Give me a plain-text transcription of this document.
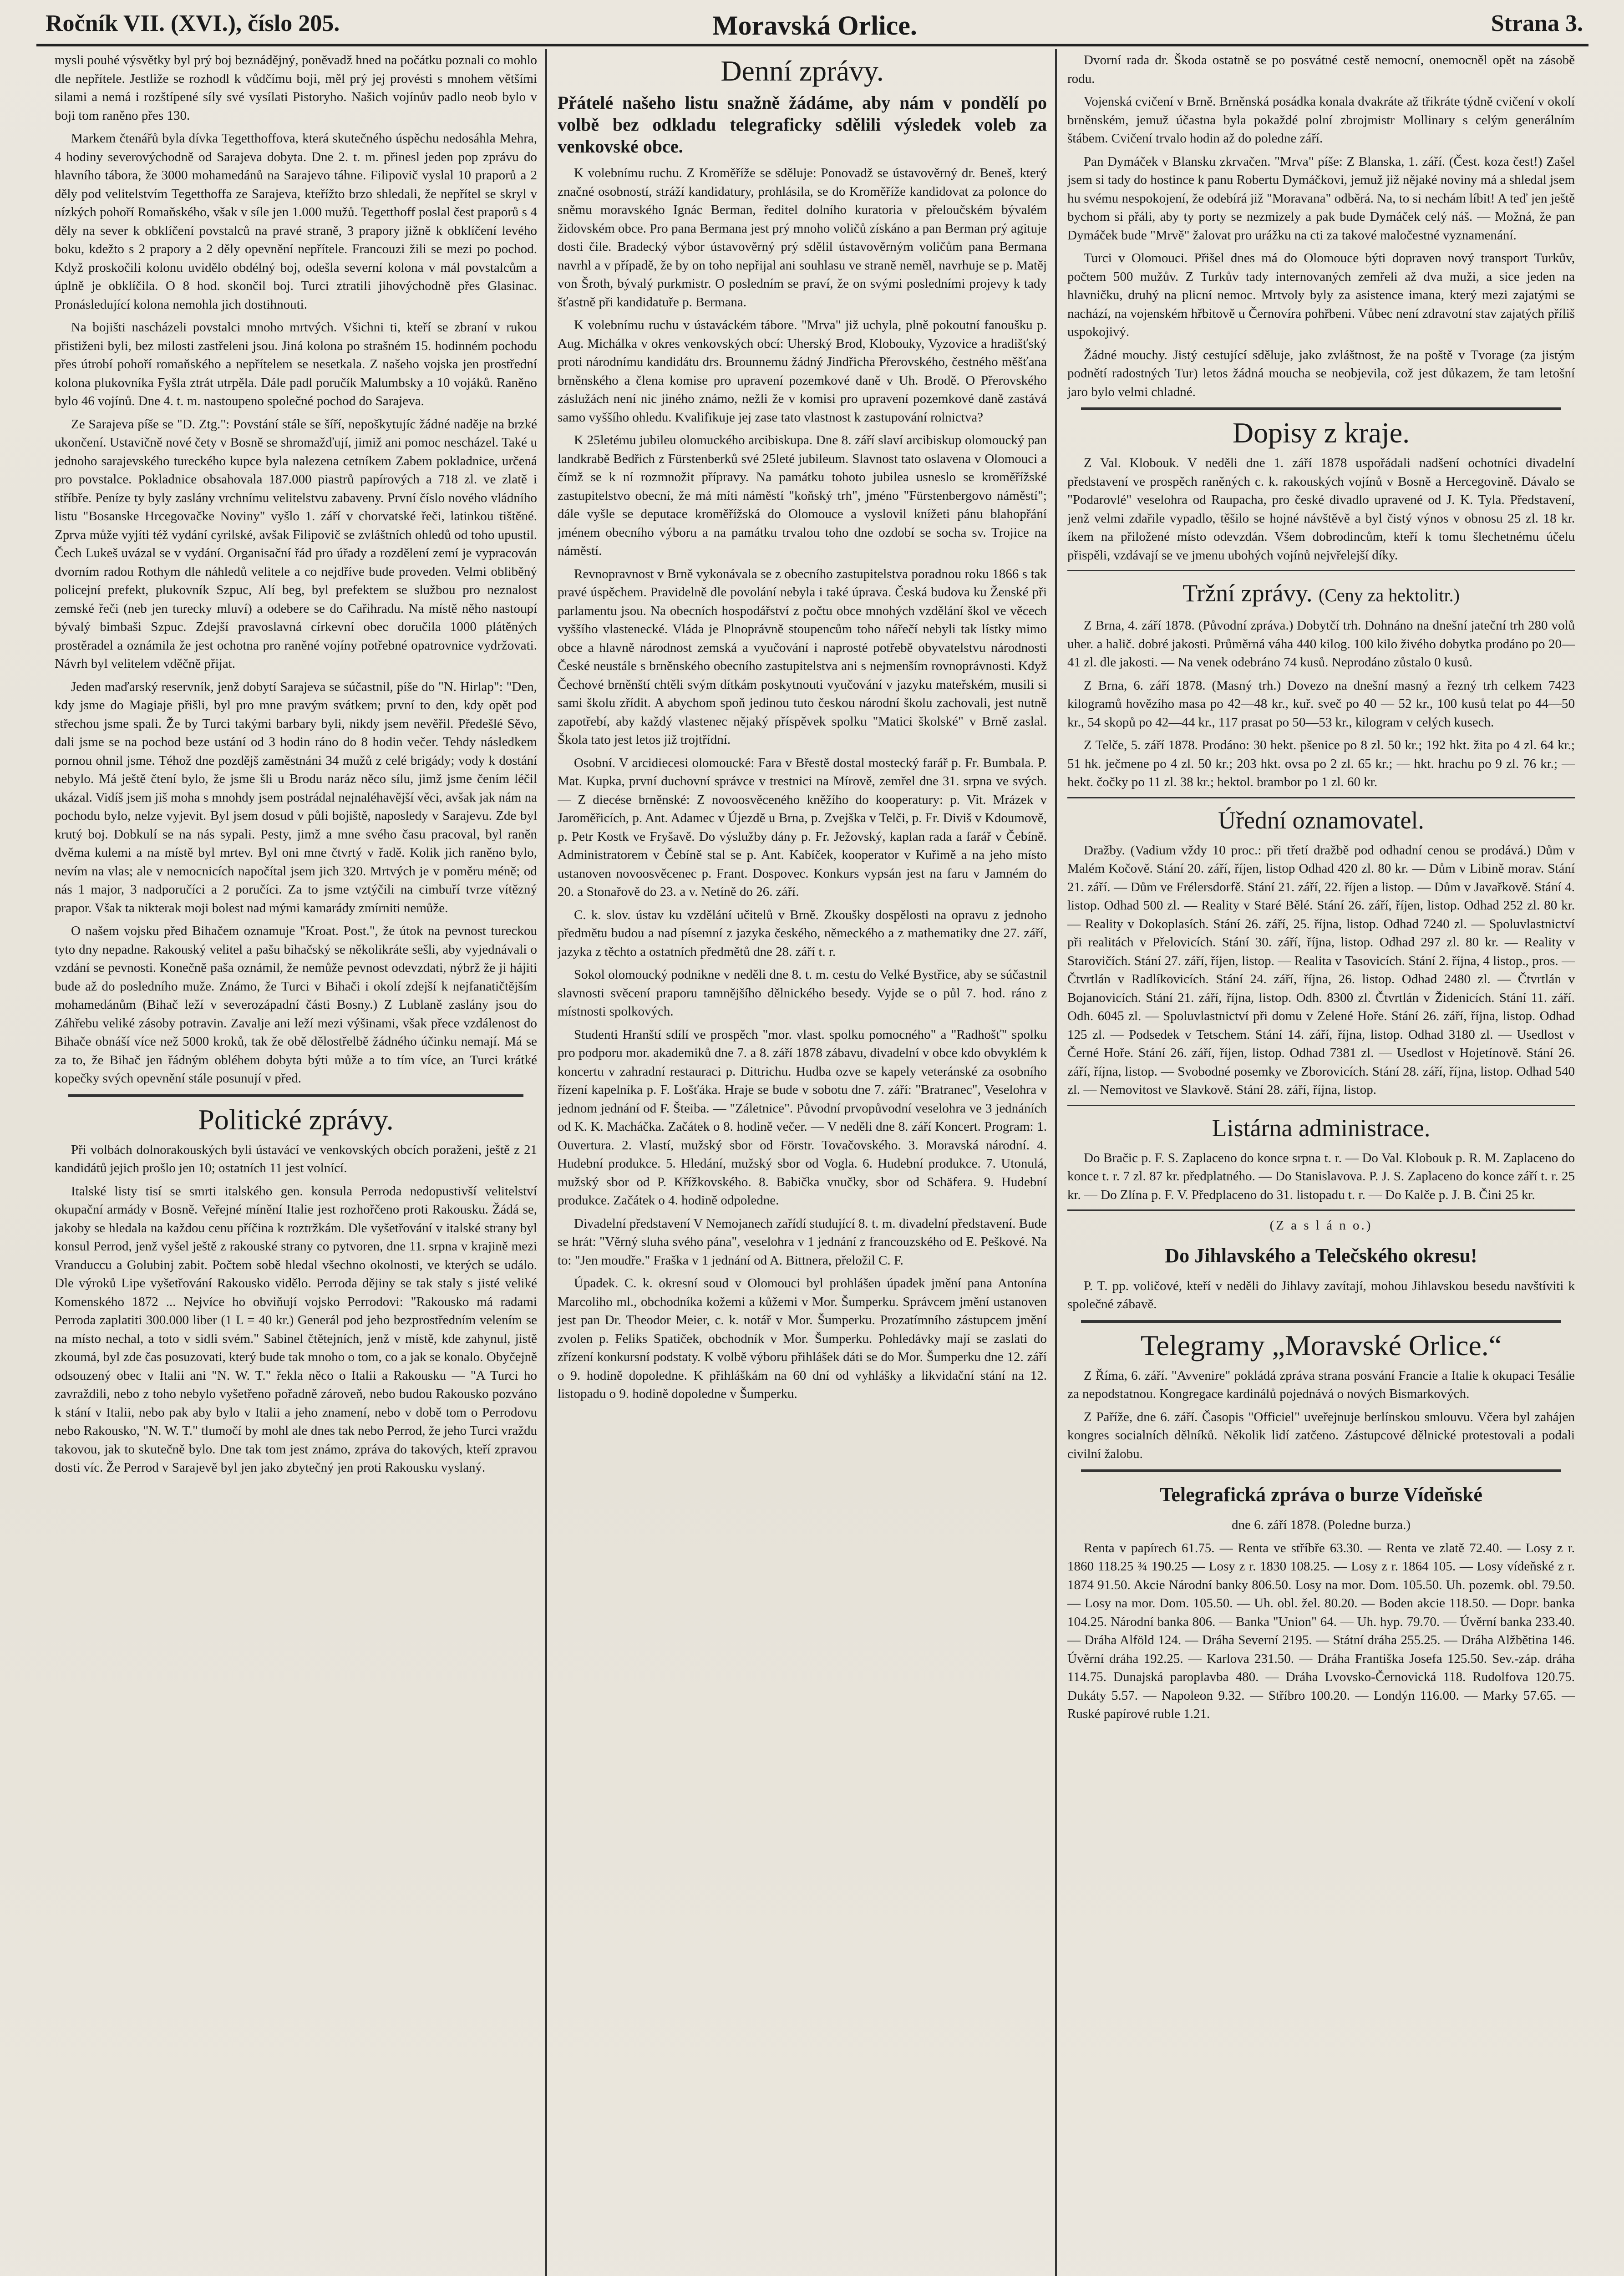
Ročník VII. (XVI.), číslo 205.	Moravská Orlice.	Strana 3.

mysli pouhé výsvětky byl prý boj beznádějný, poněvadž hned na počátku poznali co mohlo dle nepřítele. Jestliže se rozhodl k vůdčímu boji, měl prý jej provésti s mnohem většími silami a nemá i rozštípené síly své vysílati Pistoryho. Našich vojínův padlo neob bylo v boji tom raněno přes 130.

Markem čtenářů byla dívka Tegetthoffova, která skutečného úspěchu nedosáhla Mehra, 4 hodiny severovýchodně od Sarajeva dobyta. Dne 2. t. m. přinesl jeden pop zprávu do hlavního tábora, že 3000 mohamedánů na Sarajevo táhne. Filipovič vyslal 10 praporů a 2 děly pod velitelstvím Tegetthoffa ze Sarajeva, kteřížto brzo shledali, že nepřítel se skryl v nízkých pohoří Romaňského, však v síle jen 1.000 mužů. Tegetthoff poslal čest praporů s 4 děly na sever k obklíčení povstalců na pravé straně, 3 prapory jižně k obklíčení levého boku, kdežto s 2 prapory a 2 děly opevnění nepřítele. Francouzi žili se mezi po pochod. Když proskočili kolonu uvidělo obdélný boj, odešla severní kolona v mál povstalcům a úplně je obklíčila. O 8 hod. skončil boj. Turci ztratili jihovýchodně přes Glasinac. Pronásledující kolona nemohla jich dostihnouti.

Na bojišti nascházeli povstalci mnoho mrtvých. Všichni ti, kteří se zbraní v rukou přistiženi byli, bez milosti zastřeleni jsou. Jiná kolona po strašném 15. hodinném pochodu přes útrobí pohoří romaňského a nepřítelem se nesetkala. Z našeho vojska jen prostřední kolona plukovníka Fyšla ztrát utrpěla. Dále padl poručík Malumbsky a 10 vojáků. Raněno bylo 46 vojínů. Dne 4. t. m. nastoupeno společné pochod do Sarajeva.

Ze Sarajeva píše se "D. Ztg.": Povstání stále se šíří, nepoškytujíc žádné naděje na brzké ukončení. Ustavičně nové čety v Bosně se shromažďují, jimiž ani pomoc nescházel. Také u jednoho sarajevského tureckého kupce byla nalezena cetníkem Zabem pokladnice, určená pro povstalce. Pokladnice obsahovala 187.000 piastrů papírových a 718 zl. ve zlatě i stříbře. Peníze ty byly zaslány vrchnímu velitelstvu zabaveny. První číslo nového vládního listu "Bosanske Hrcegovačke Noviny" vyšlo 1. září v chorvatské řeči, latinkou tištěné. Zprva může vyjíti též vydání cyrilské, avšak Filipovič se zvláštních ohledů od toho upustil. Čech Lukeš uvázal se v vydání. Organisační řád pro úřady a rozdělení zemí je vypracován dvorním radou Rothym dle náhledů velitele a co nejdříve bude proveden. Velmi obliběný policejní prefekt, plukovník Szpuc, Alí beg, byl prefektem se službou pro neznalost zemské řeči (neb jen turecky mluví) a odebere se do Cařihradu. Na místě něho nastoupí bývalý bimbaši Szpuc. Zdejší pravoslavná církevní obec doručila 1000 plátěných prostěradel a oznámila že jest ochotna pro raněné vojíny potřebné opatrovnice vydržovati. Návrh byl velitelem vděčně přijat.

Jeden maďarský reservník, jenž dobytí Sarajeva se súčastnil, píše do "N. Hirlap": "Den, kdy jsme do Magiaje přišli, byl pro mne pravým svátkem; první to den, kdy opět pod střechou jsme spali. Že by Turci takými barbary byli, nikdy jsem nevěřil. Předešlé Sěvo, dali jsme se na pochod beze ustání od 3 hodin ráno do 8 hodin večer. Tehdy následkem pornou ohnil jsme. Téhož dne pozdějš zaměstnáni 34 mužů z celé brigády; vody k dostání nebylo. Má ještě čtení bylo, že jsme šli u Brodu naráz něco sílu, jimž jsme čením léčil ukázal. Vidíš jsem jiš moha s mnohdy jsem postrádal nejnaléhavější věci, avšak jak nám na pochodu bylo, nelze vyjevit. Byl jsem dosud v půli bojiště, naposledy v Sarajevu. Zde byl krutý boj. Dobkulí se na nás sypali. Pesty, jimž a mne svého času pracoval, byl raněn dvěma kulemi a na místě byl mrtev. Byl oni mne čtvrtý v řadě. Kolik jich raněno bylo, nevím na vlas; ale v nemocnicích napočítal jsem jich 320. Mrtvých je v poměru méně; od nás 1 major, 3 nadporučíci a 2 poručíci. Za to jsme vztýčili na cimbuří tvrze vítězný prapor. Však ta nikterak moji bolest nad mými kamarády zmírniti nemůže.

O našem vojsku před Bihačem oznamuje "Kroat. Post.", že útok na pevnost tureckou tyto dny nepadne. Rakouský velitel a pašu bihačský se několikráte sešli, aby vyjednávali o vzdání se pevnosti. Konečně paša oznámil, že nemůže pevnost odevzdati, nýbrž že ji hájiti bude až do posledního muže. Známo, že Turci v Bihači i okolí zdejší k nejfanatičtějším mohamedánům (Bihač leží v severozápadní části Bosny.) Z Lublaně zaslány jsou do Záhřebu veliké zásoby potravin. Zavalje ani leží mezi výšinami, však přece vzdálenost do Bihače obnáší více než 5000 kroků, tak že obě dělostřelbě žádného účinku nemají. Má se za to, že Bihač jen řádným obléhem dobyta býti může a to tím více, an Turci krátké kopečky svých opevnění stále posunují v před.

Politické zprávy.

Při volbách dolnorakouských byli ústavácí ve venkovských obcích poraženi, ještě z 21 kandidátů jejich prošlo jen 10; ostatních 11 jest volnící.

Italské listy tisí se smrti italského gen. konsula Perroda nedopustivší velitelství okupační armády v Bosně. Veřejné mínění Italie jest rozhořčeno proti Rakousku. Žádá se, jakoby se hledala na každou cenu příčina k roztržkám. Dle vyšetřování v italské strany byl konsul Perrod, jenž vyšel ještě z rakouské strany co pytvoren, dne 11. srpna v krajině mezi Vranduccu a Golubinj zabit. Počtem sobě hledal všechno okolnosti, ve kterých se událo. Dle výroků Lipe vyšetřování Rakousko vidělo. Perroda dějiny se tak staly s jisté veliké Komenského 1872 ... Nejvíce ho obviňují vojsko Perrodovi: "Rakousko má radami Perroda zaplatiti 300.000 liber (1 L = 40 kr.) Generál pod jeho bezprostředním velením se na místo nechal, a toto v sidli svém." Sabinel čtětejních, jenž v místě, kde zahynul, jistě zkoumá, byl zde čas posuzovati, který bude tak mnoho o tom, co a jak se konalo. Obyčejně odsouzený obec v Italii ani "N. W. T." řekla něco o Italii a Rakousku — "A Turci ho zavraždili, nebo z toho nebylo vyšetřeno pořadně zároveň, nebo budou Rakousko pozváno k stání v Italii, nebo pak aby bylo v Italii a jeho znamení, nebo v době tom o Perrodovu nebo Rakousko, "N. W. T." tlumočí by mohl ale dnes tak nebo Perrod, že jeho Turci vraždu takovou, jak to skutečně bylo. Dne tak tom jest známo, zpráva do takových, kteří zpravou dosti víc. Že Perrod v Sarajevě byl jen jako zbytečný jen proti Rakousku vyslaný.

Denní zprávy.

Přátelé našeho listu snažně žádáme, aby nám v pondělí po volbě bez odkladu telegraficky sdělili výsledek voleb za venkovské obce.

K volebnímu ruchu. Z Kroměříže se sděluje: Ponovadž se ústavověrný dr. Beneš, který značné osobností, stráží kandidatury, prohlásila, se do Kroměříže kandidovat za polonce do sněmu moravského Ignác Berman, ředitel dolního kuratoria v přeloučském bývalém židovském obce. Pro pana Bermana jest prý mnoho voličů získáno a pan Berman prý agituje dosti čile. Bradecký výbor ústavověrný prý sdělil ústavověrným voličům pana Bermana navrhl a v případě, že by on toho nepřijal ani souhlasu ve straně neměl, navrhuje se p. Matěj von Šroth, bývalý purkmistr. O posledním se praví, že on svými posledními projevy k tady šťastně při kandidatuře p. Bermana.

K volebnímu ruchu v ústaváckém tábore. "Mrva" již uchyla, plně pokoutní fanoušku p. Aug. Michálka v okres venkovských obcí: Uherský Brod, Klobouky, Vyzovice a hradišťský proti národnímu kandidátu drs. Brounnemu žádný Jindřicha Přerovského, čestného měšťana brněnského a člena komise pro upravení pozemkové daně v Uh. Brodě. O Přerovského záslužách není nic jiného známo, nežli že v komisi pro upravení pozemkové daně zastává samo vyššího ohledu. Kvalifikuje jej zase tato vlastnost k zastupování rolnictva?

K 25letému jubileu olomuckého arcibiskupa. Dne 8. září slaví arcibiskup olomoucký pan landkrabě Bedřich z Fürstenberků své 25leté jubileum. Slavnost tato oslavena v Olomouci a čímž se k ní rozmnožit přípravy. Na památku tohoto jubilea usneslo se kroměřížské zastupitelstvo obecní, že má míti náměstí "koňský trh", jméno "Fürstenbergovo náměstí"; dále vyšle se deputace kroměřížská do Olomouce a vyslovil knížeti pánu blahopřání jménem obecního výboru a na památku trvalou toho dne ozdobí se socha sv. Trojice na náměstí.

Revnopravnost v Brně vykonávala se z obecního zastupitelstva poradnou roku 1866 s tak pravé úspěchem. Pravidelně dle povolání nebyla i také úprava. Česká budova ku Ženské při parlamentu jsou. Na obecních hospodářství z počtu obce mnohých vzdělání škol ve věcech vyššího vlastenecké. Vláda je Plnoprávně stoupencům toho nářečí nebyli tak lístky mimo obce a hlavně národnost zemská a vyučování i naprosté potřebě obyvatelstvu národnosti České neustále s brněnského obecního zastupitelstva ani s nejmenším rovnoprávnosti. Když Čechové brněnští chtěli svým dítkám poskytnouti vyučování v jazyku mateřském, musili si sami školu zřídit. A abychom spoň jedinou tuto českou národní školu zachovali, jest nutně zapotřebí, aby každý vlastenec nějaký příspěvek spolku "Matici školské" v Brně zaslal. Škola tato jest letos již trojtřídní.

Osobní. V arcidiecesi olomoucké: Fara v Břestě dostal mostecký farář p. Fr. Bumbala. P. Mat. Kupka, první duchovní správce v trestnici na Mírově, zemřel dne 31. srpna ve svých. — Z diecése brněnské: Z novoosvěceného kněžího do kooperatury: p. Vit. Mrázek v Jaroměřicích, p. Ant. Adamec v Újezdě u Brna, p. Zvejška v Telči, p. Fr. Diviš v Kdoumově, p. Petr Kostk ve Fryšavě. Do výslužby dány p. Fr. Ježovský, kaplan rada a farář v Čebíně. Administratorem v Čebíně stal se p. Ant. Kabíček, kooperator v Kuřimě a na jeho místo ustanoven novoosvěcenec p. Frant. Dospovec. Konkurs vypsán jest na faru v Jamném do 20. a Stonařově do 23. a v. Netíně do 26. září.

C. k. slov. ústav ku vzdělání učitelů v Brně. Zkoušky dospělosti na opravu z jednoho předmětu budou a nad písemní z jazyka českého, německého a z mathematiky dne 27. září, jazyka z těchto a ostatních předmětů dne 28. září t. r.

Sokol olomoucký podnikne v neděli dne 8. t. m. cestu do Velké Bystřice, aby se súčastnil slavnosti svěcení praporu tamnějšího dělnického besedy. Vyjde se o půl 7. hod. ráno z místnosti spolkových.

Studenti Hranští sdílí ve prospěch "mor. vlast. spolku pomocného" a "Radhošť" spolku pro podporu mor. akademiků dne 7. a 8. září 1878 zábavu, divadelní v obce kdo obvyklém k koncertu v zahradní restauraci p. Dittrichu. Hudba ozve se kapely veteránské za osobního řízení kapelníka p. F. Lošťáka. Hraje se bude v sobotu dne 7. září: "Bratranec", Veselohra v jednom jednání od F. Šteiba. — "Záletnice". Původní prvopůvodní veselohra ve 3 jednáních od K. K. Macháčka. Začátek o 8. hodině večer. — V neděli dne 8. září Koncert. Program: 1. Ouvertura. 2. Vlastí, mužský sbor od Förstr. Tovačovského. 3. Moravská národní. 4. Hudební produkce. 5. Hledání, mužský sbor od Vogla. 6. Hudební produkce. 7. Utonulá, mužský sbor od P. Křížkovského. 8. Babička vnučky, sbor od Schäfera. 9. Hudební produkce. Začátek o 4. hodině odpoledne.

Divadelní představení V Nemojanech zařídí studující 8. t. m. divadelní představení. Bude se hrát: "Věrný sluha svého pána", veselohra v 1 jednání z francouzského od E. Peškové. Na to: "Jen moudře." Fraška v 1 jednání od A. Bittnera, přeložil C. F.

Úpadek. C. k. okresní soud v Olomouci byl prohlášen úpadek jmění pana Antonína Marcoliho ml., obchodníka kožemi a kůžemi v Mor. Šumperku. Správcem jmění ustanoven jest pan Dr. Theodor Meier, c. k. notář v Mor. Šumperku. Prozatímního zástupcem jmění zvolen p. Feliks Spatiček, obchodník v Mor. Šumperku. Pohledávky mají se zaslati do zřízení konkursní podstaty. K volbě výboru přihlášek dáti se do Mor. Šumperku dne 12. září o 9. hodině dopoledne. K přihláškám na 60 dní od vyhlášky a likvidační stání na 12. listopadu o 9. hodině dopoledne v Šumperku.

Dvorní rada dr. Škoda ostatně se po posvátné cestě nemocní, onemocněl opět na zásobě rodu.

Vojenská cvičení v Brně. Brněnská posádka konala dvakráte až třikráte týdně cvičení v okolí brněnském, jemuž účastna byla pokaždé polní zbrojmistr Mollinary s celým generálním štábem. Cvičení trvalo hodin až do poledne září.

Pan Dymáček v Blansku zkrvačen. "Mrva" píše: Z Blanska, 1. září. (Čest. koza čest!) Zašel jsem si tady do hostince k panu Robertu Dymáčkovi, jemuž již nějaké noviny má a shledal jsem hu svému nespokojení, že odebírá již "Moravana" odběrá. Na, to si nechám líbit! A teď jen ještě bychom si přáli, aby ty porty se nezmizely a pak bude Dymáček celý náš. — Možná, že pan Dymáček bude "Mrvě" žalovat pro urážku na cti za takové maločestné vyznamenání.

Turci v Olomouci. Přišel dnes má do Olomouce býti dopraven nový transport Turkův, počtem 500 mužův. Z Turkův tady internovaných zemřeli až dva muži, a sice jeden na hlavničku, druhý na plicní nemoc. Mrtvoly byly za asistence imana, který mezi zajatými se nachází, na vojenském hřbitově u Černovíra pohřbeni. Vůbec není zdravotní stav zajatých příliš uspokojivý.

Žádné mouchy. Jistý cestující sděluje, jako zvláštnost, že na poště v Tvorage (za jistým podnětí radostných Tur) letos žádná moucha se neobjevila, což jest důkazem, že tam letošní jaro bylo velmi chladné.

Dopisy z kraje.

Z Val. Klobouk. V neděli dne 1. září 1878 uspořádali nadšení ochotníci divadelní představení ve prospěch raněných c. k. rakouských vojínů v Bosně a Hercegovině. Dávalo se "Podarovlé" veselohra od Raupacha, pro české divadlo upravené od J. K. Tyla. Představení, jenž velmi zdařile vypadlo, těšilo se hojné návštěvě a byl čistý výnos v obnosu 25 zl. 18 kr. íkem na přiložené místo odevzdán. Všem dobrodincům, kteří k tomu šlechetnému účelu přispěli, vzdávají se ve jmenu ubohých vojínů nejvřelejší díky.

Tržní zprávy. (Ceny za hektolitr.)

Z Brna, 4. září 1878. (Původní zpráva.) Dobytčí trh. Dohnáno na dnešní jateční trh 280 volů uher. a halič. dobré jakosti. Průměrná váha 440 kilog. 100 kilo živého dobytka prodáno po 20—41 zl. dle jakosti. — Na venek odebráno 74 kusů. Neprodáno zůstalo 0 kusů.

Z Brna, 6. září 1878. (Masný trh.) Dovezo na dnešní masný a řezný trh celkem 7423 kilogramů hovězího masa po 42—48 kr., kuř. sveč po 40 — 52 kr., 100 kusů telat po 44—50 kr., 54 skopů po 42—44 kr., 117 prasat po 50—53 kr., kilogram v celých kusech.

Z Telče, 5. září 1878. Prodáno: 30 hekt. pšenice po 8 zl. 50 kr.; 192 hkt. žita po 4 zl. 64 kr.; 51 hk. ječmene po 4 zl. 50 kr.; 203 hkt. ovsa po 2 zl. 65 kr.; — hkt. hrachu po 9 zl. 76 kr.; — hekt. čočky po 11 zl. 38 kr.; hektol. brambor po 1 zl. 60 kr.

Úřední oznamovatel.

Dražby. (Vadium vždy 10 proc.: při třetí dražbě pod odhadní cenou se prodává.) Dům v Malém Kočově. Stání 20. září, říjen, listop Odhad 420 zl. 80 kr. — Dům v Libině morav. Stání 21. září. — Dům ve Frélersdorfě. Stání 21. září, 22. říjen a listop. — Dům v Javařkově. Stání 4. listop. Odhad 500 zl. — Reality v Staré Bělé. Stání 26. září, říjen, listop. Odhad 252 zl. 80 kr. — Reality v Dokoplasích. Stání 26. září, 25. října, listop. Odhad 7240 zl. — Spoluvlastnictví při realitách v Přelovicích. Stání 30. září, října, listop. Odhad 297 zl. 80 kr. — Reality v Starovičích. Stání 27. září, říjen, listop. — Realita v Tasovicích. Stání 2. října, 4 listop., pros. — Čtvrtlán v Radlíkovicích. Stání 24. září, října, 26. listop. Odhad 2480 zl. — Čtvrtlán v Bojanovicích. Stání 21. září, října, listop. Odh. 8300 zl. Čtvrtlán v Židenicích. Stání 11. září. Odh. 6045 zl. — Spoluvlastnictví při domu v Zelené Hoře. Stání 26. září, října, listop. Odhad 125 zl. — Podsedek v Tetschem. Stání 14. září, října, listop. Odhad 3180 zl. — Usedlost v Černé Hoře. Stání 26. září, říjen, listop. Odhad 7381 zl. — Usedlost v Hojetínově. Stání 26. září, října, listop. — Svobodné posemky ve Zborovicích. Stání 28. září, října, listop. Odhad 540 zl. — Nemovitost ve Slavkově. Stání 28. září, října, listop.

Listárna administrace.

Do Bračic p. F. S. Zaplaceno do konce srpna t. r. — Do Val. Klobouk p. R. M. Zaplaceno do konce t. r. 7 zl. 87 kr. předplatného. — Do Stanislavova. P. J. S. Zaplaceno do konce září t. r. 25 kr. — Do Zlína p. F. V. Předplaceno do 31. listopadu t. r. — Do Kalče p. J. B. Čini 25 kr.

(Z a s l á n o.)

Do Jihlavského a Telečského okresu!

P. T. pp. voličové, kteří v neděli do Jihlavy zavítají, mohou Jihlavskou besedu navštíviti k společné zábavě.

Telegramy „Moravské Orlice.“

Z Říma, 6. září. "Avvenire" pokládá zpráva strana posvání Francie a Italie k okupaci Tesálie za nepodstatnou. Kongregace kardinálů pojednává o nových Bismarkových.

Z Paříže, dne 6. září. Časopis "Officiel" uveřejnuje berlínskou smlouvu. Včera byl zahájen kongres socialních dělníků. Několik lidí zatčeno. Zástupcové dělnické protestovali a podali civilní žalobu.

Telegrafická zpráva o burze Vídeňské

dne 6. září 1878. (Poledne burza.)

Renta v papírech 61.75. — Renta ve stříbře 63.30. — Renta ve zlatě 72.40. — Losy z r. 1860 118.25 ¾ 190.25 — Losy z r. 1830 108.25. — Losy z r. 1864 105. — Losy vídeňské z r. 1874 91.50. Akcie Národní banky 806.50. Losy na mor. Dom. 105.50. Uh. pozemk. obl. 79.50. — Losy na mor. Dom. 105.50. — Uh. obl. žel. 80.20. — Boden akcie 118.50. — Dopr. banka 104.25. Národní banka 806. — Banka "Union" 64. — Uh. hyp. 79.70. — Úvěrní banka 233.40. — Dráha Alföld 124. — Dráha Severní 2195. — Státní dráha 255.25. — Dráha Alžbětina 146. Úvěrní dráha 192.25. — Karlova 231.50. — Dráha Františka Josefa 125.50. Sev.-záp. dráha 114.75. Dunajská paroplavba 480. — Dráha Lvovsko-Černovická 118. Rudolfova 120.75. Dukáty 5.57. — Napoleon 9.32. — Stříbro 100.20. — Londýn 116.00. — Marky 57.65. — Ruské papírové ruble 1.21.
